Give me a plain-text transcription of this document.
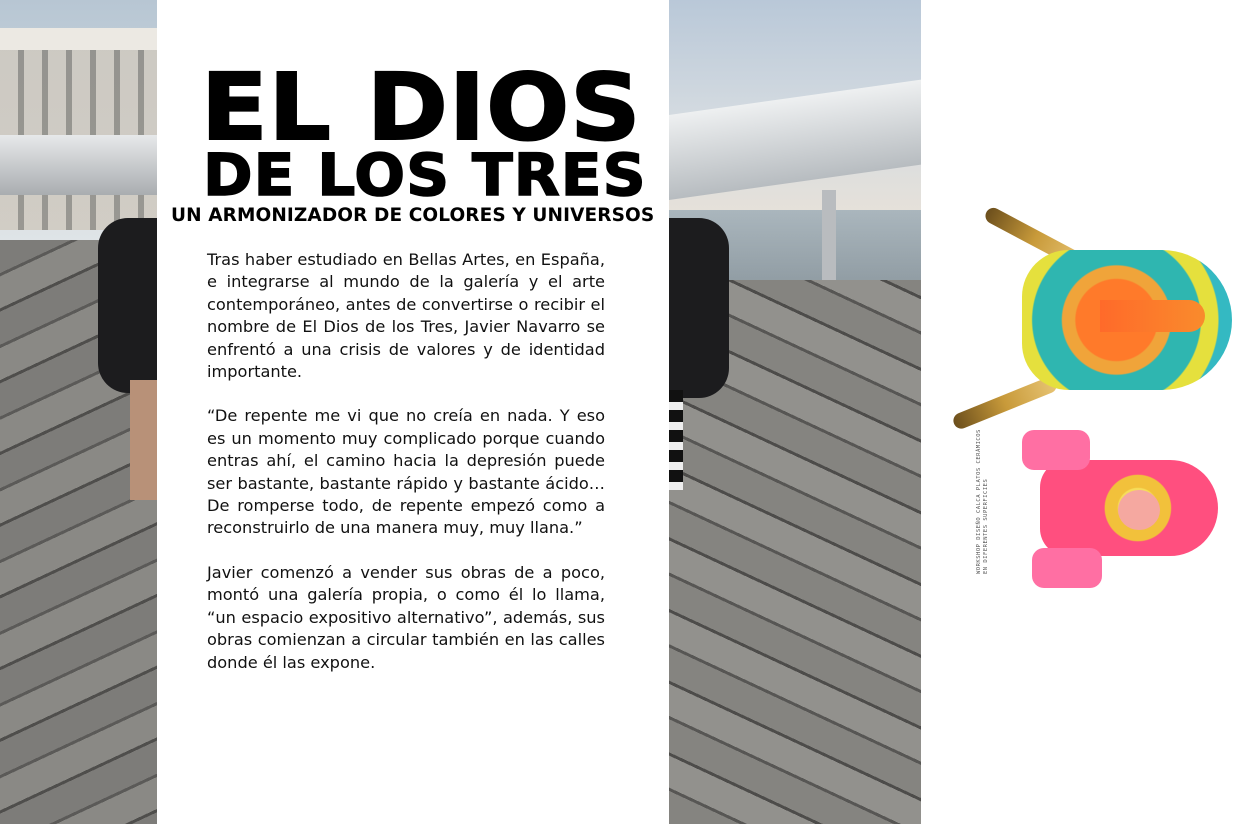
EL DIOS
DE LOS TRES
UN ARMONIZADOR DE COLORES Y UNIVERSOS

Tras haber estudiado en Bellas Artes, en España, e integrarse al mundo de la galería y el arte contemporáneo, antes de convertirse o recibir el nombre de El Dios de los Tres, Javier Navarro se enfrentó a una crisis de valores y de identidad importante.

“De repente me vi que no creía en nada. Y eso es un momento muy complicado porque cuando entras ahí, el camino hacia la depresión puede ser bastante, bastante rápido y bastante ácido… De romperse todo, de repente empezó como a reconstruirlo de una manera muy, muy llana.”

Javier comenzó a vender sus obras de a poco, montó una galería propia, o como él lo llama, “un espacio expositivo alternativo”, además, sus obras comienzan a circular también en las calles donde él las expone.

WORKSHOP DISEÑO CALCA PLATOS CERÁMICOS
EN DIFERENTES SUPERFICIES
